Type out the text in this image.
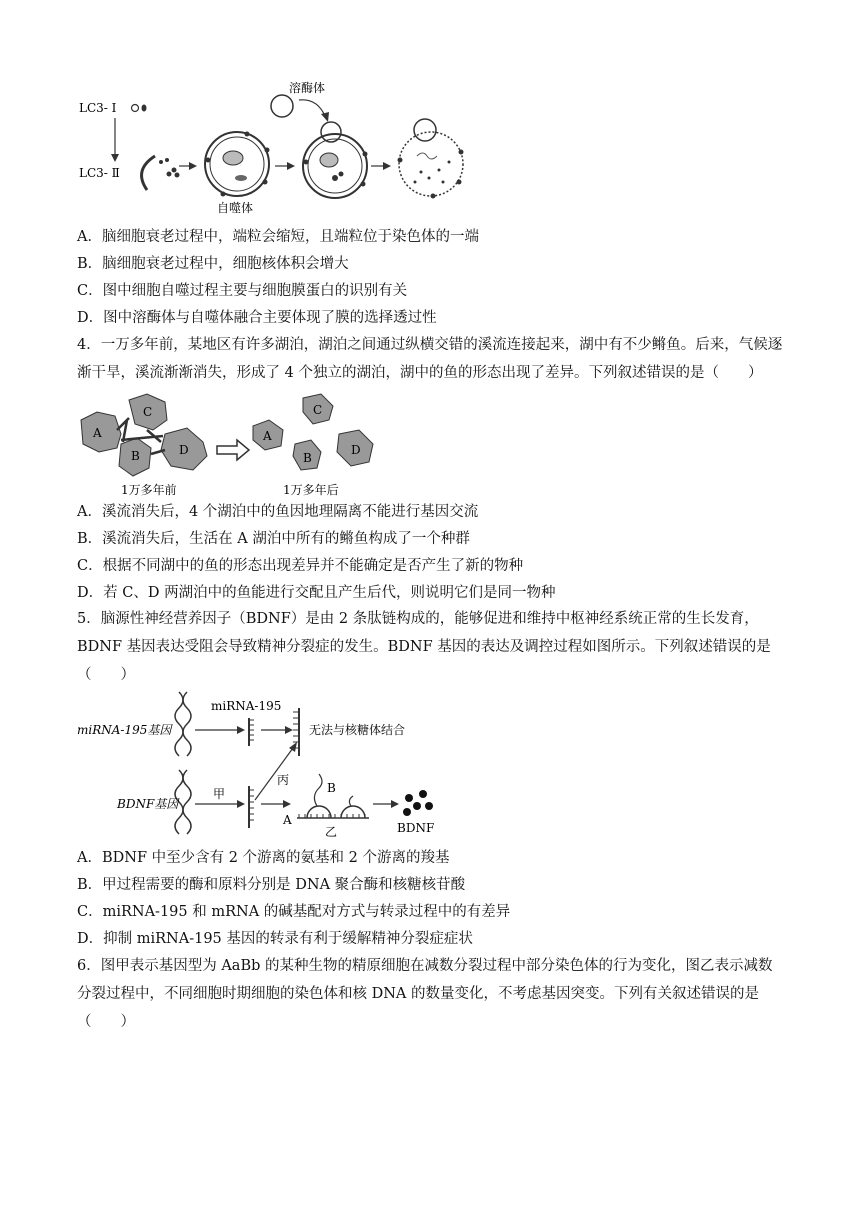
LC3- Ⅰ
LC3- Ⅱ
自噬体
溶酶体
A．脑细胞衰老过程中，端粒会缩短，且端粒位于染色体的一端
B．脑细胞衰老过程中，细胞核体积会增大
C．图中细胞自噬过程主要与细胞膜蛋白的识别有关
D．图中溶酶体与自噬体融合主要体现了膜的选择透过性
4．一万多年前，某地区有许多湖泊，湖泊之间通过纵横交错的溪流连接起来，湖中有不少鳉鱼。后来，气候逐渐干旱，溪流渐渐消失，形成了 4 个独立的湖泊，湖中的鱼的形态出现了差异。下列叙述错误的是（　　）
A
C
B	D
1万多年前
A
C
B
D
1万多年后
A．溪流消失后，4 个湖泊中的鱼因地理隔离不能进行基因交流
B．溪流消失后，生活在 A 湖泊中所有的鳉鱼构成了一个种群
C．根据不同湖中的鱼的形态出现差异并不能确定是否产生了新的物种
D．若 C、D 两湖泊中的鱼能进行交配且产生后代，则说明它们是同一物种
5．脑源性神经营养因子（BDNF）是由 2 条肽链构成的，能够促进和维持中枢神经系统正常的生长发育，BDNF 基因表达受阻会导致精神分裂症的发生。BDNF 基因的表达及调控过程如图所示。下列叙述错误的是（　　）
miRNA-195基因
miRNA-195
无法与核糖体结合
丙
BDNF基因
甲	B
A
乙	BDNF
A．BDNF 中至少含有 2 个游离的氨基和 2 个游离的羧基
B．甲过程需要的酶和原料分别是 DNA 聚合酶和核糖核苷酸
C．miRNA-195 和 mRNA 的碱基配对方式与转录过程中的有差异
D．抑制 miRNA-195 基因的转录有利于缓解精神分裂症症状
6．图甲表示基因型为 AaBb 的某种生物的精原细胞在减数分裂过程中部分染色体的行为变化，图乙表示减数分裂过程中，不同细胞时期细胞的染色体和核 DNA 的数量变化，不考虑基因突变。下列有关叙述错误的是（　　）
